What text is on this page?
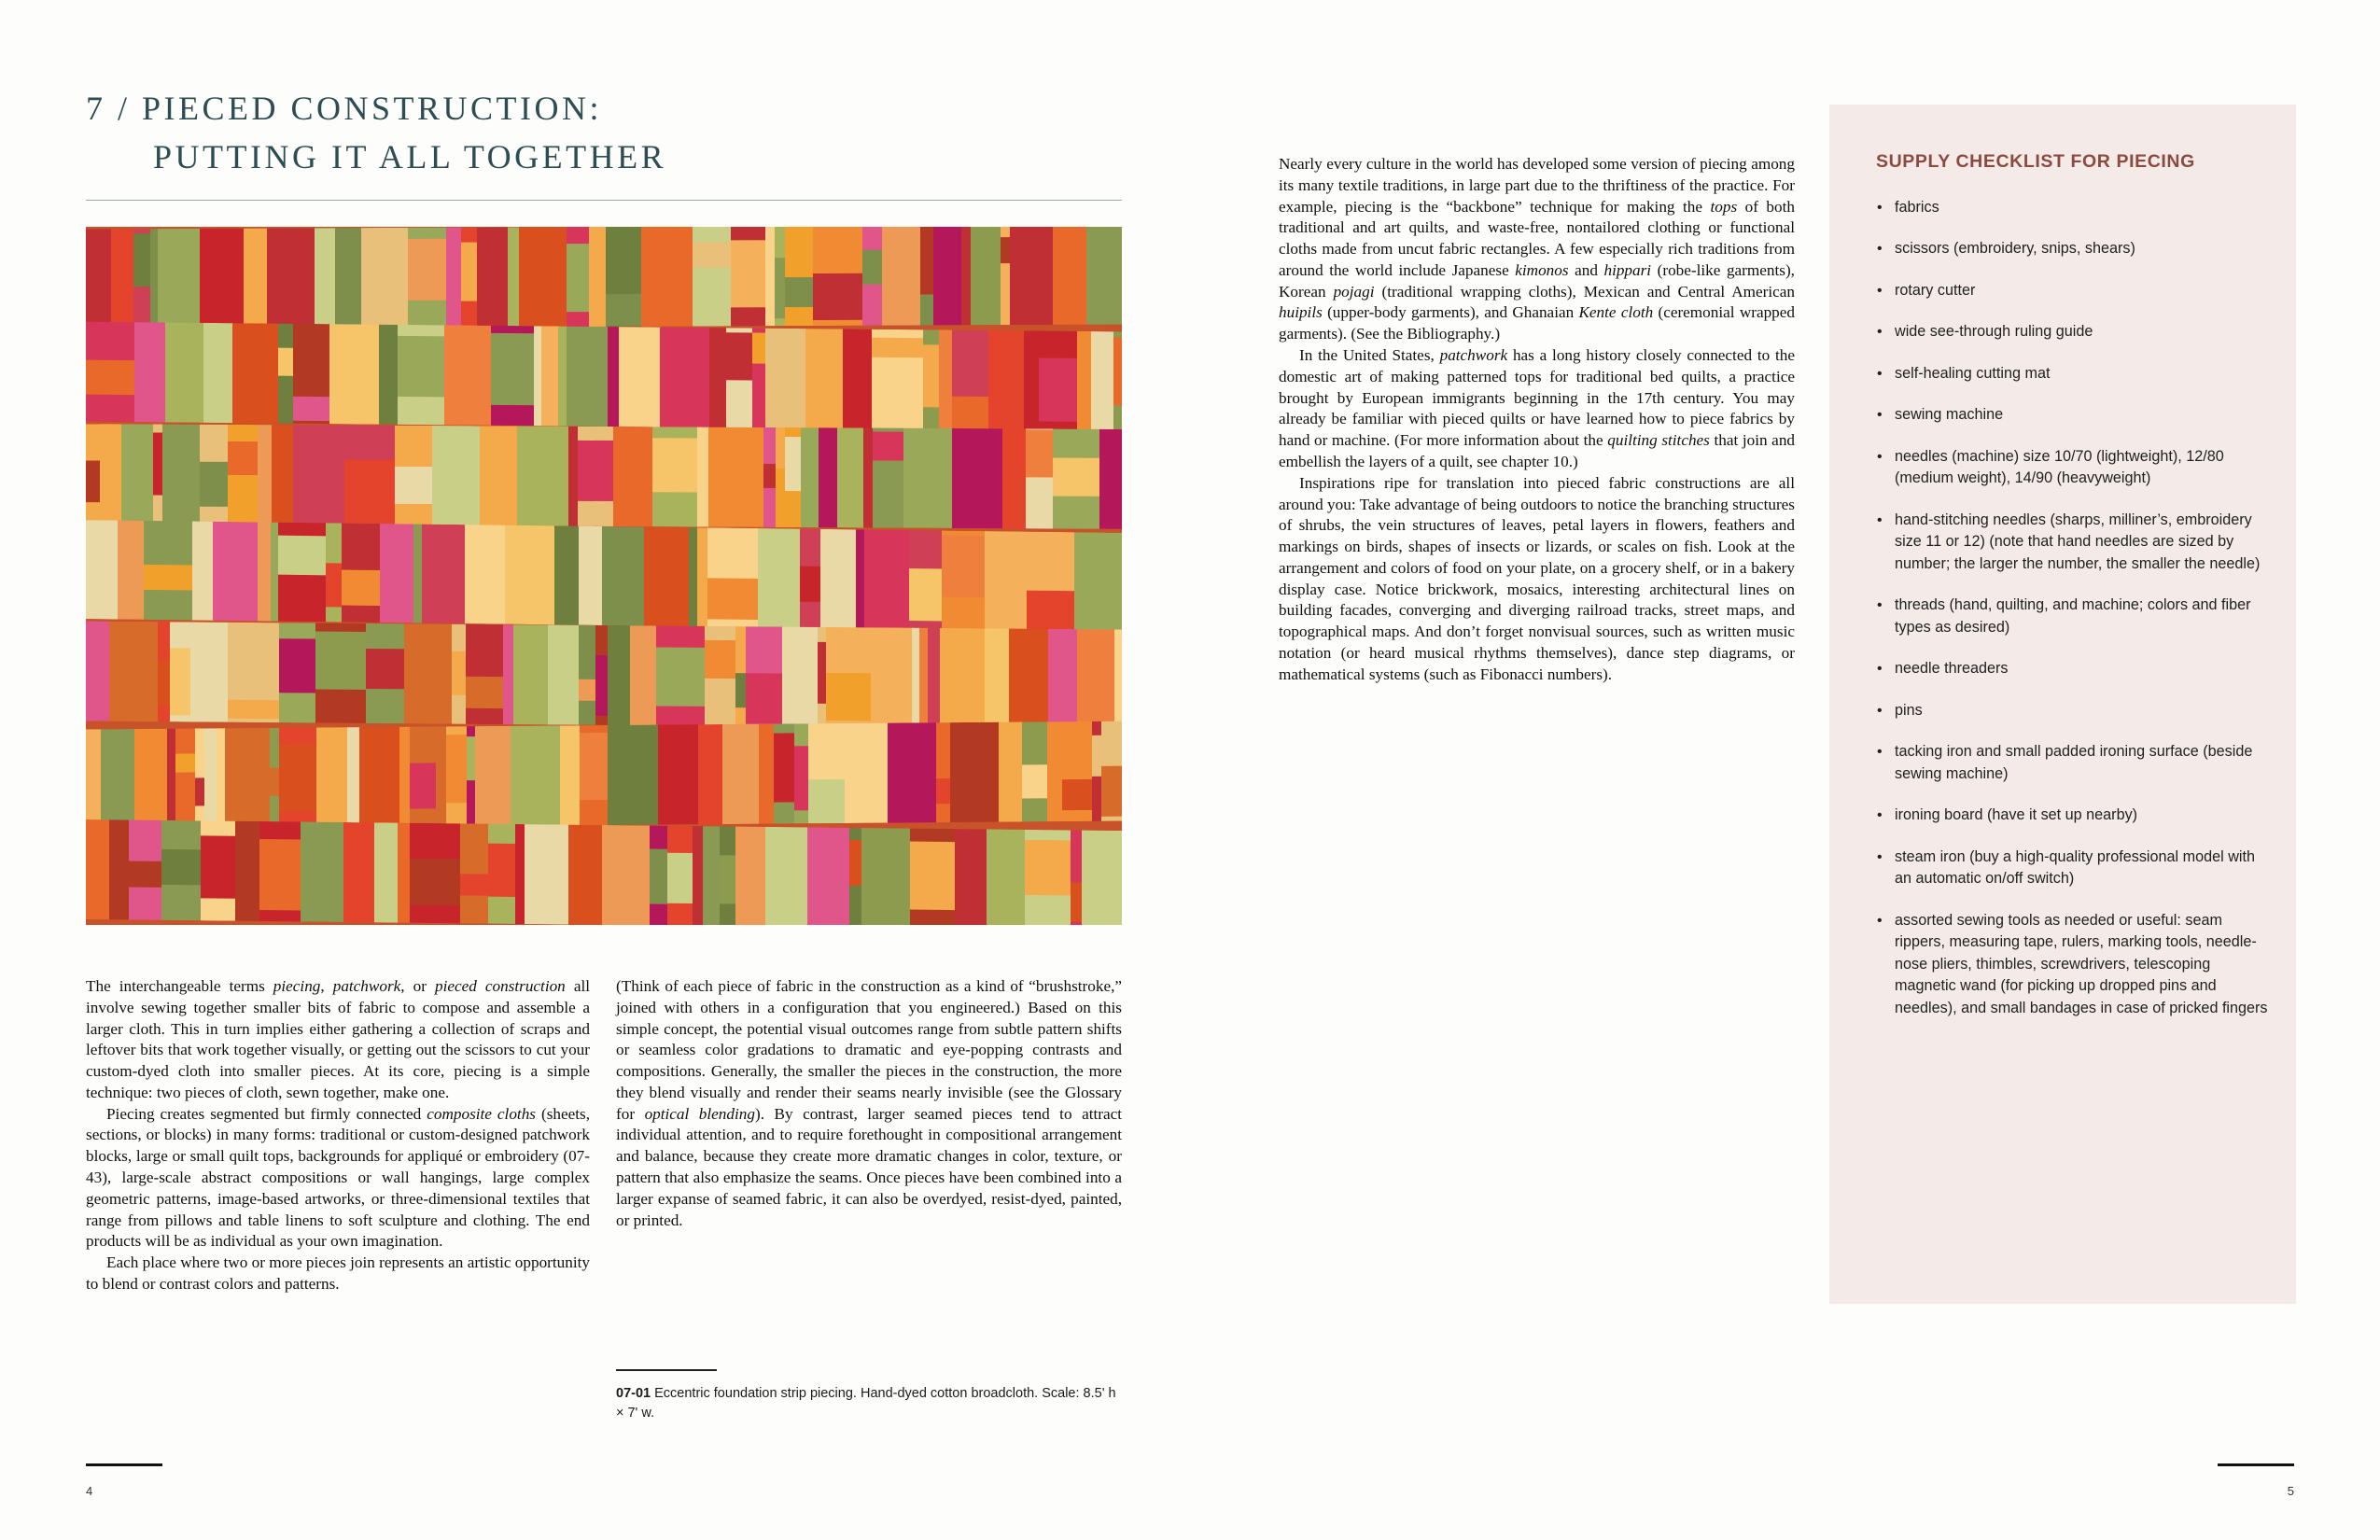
7 / PIECED CONSTRUCTION:
PUTTING IT ALL TOGETHER
07-01 Eccentric foundation strip piecing. Hand-dyed cotton broadcloth. Scale: 8.5' h × 7' w.

The interchangeable terms piecing, patchwork, or pieced construction all involve sewing together smaller bits of fabric to compose and assemble a larger cloth. This in turn implies either gathering a collection of scraps and leftover bits that work together visually, or getting out the scissors to cut your custom-dyed cloth into smaller pieces. At its core, piecing is a simple technique: two pieces of cloth, sewn together, make one.

Piecing creates segmented but firmly connected composite cloths (sheets, sections, or blocks) in many forms: traditional or custom-designed patchwork blocks, large or small quilt tops, backgrounds for appliqué or embroidery (07-43), large-scale abstract compositions or wall hangings, large complex geometric patterns, image-based artworks, or three-dimensional textiles that range from pillows and table linens to soft sculpture and clothing. The end products will be as individual as your own imagination.

Each place where two or more pieces join represents an artistic opportunity to blend or contrast colors and patterns.

(Think of each piece of fabric in the construction as a kind of “brushstroke,” joined with others in a configuration that you engineered.) Based on this simple concept, the potential visual outcomes range from subtle pattern shifts or seamless color gradations to dramatic and eye-popping contrasts and compositions. Generally, the smaller the pieces in the construction, the more they blend visually and render their seams nearly invisible (see the Glossary for optical blending). By contrast, larger seamed pieces tend to attract individual attention, and to require forethought in compositional arrangement and balance, because they create more dramatic changes in color, texture, or pattern that also emphasize the seams. Once pieces have been combined into a larger expanse of seamed fabric, it can also be overdyed, resist-dyed, painted, or printed.

4

Nearly every culture in the world has developed some version of piecing among its many textile traditions, in large part due to the thriftiness of the practice. For example, piecing is the “backbone” technique for making the tops of both traditional and art quilts, and waste-free, nontailored clothing or functional cloths made from uncut fabric rectangles. A few especially rich traditions from around the world include Japanese kimonos and hippari (robe-like garments), Korean pojagi (traditional wrapping cloths), Mexican and Central American huipils (upper-body garments), and Ghanaian Kente cloth (ceremonial wrapped garments). (See the Bibliography.)

In the United States, patchwork has a long history closely connected to the domestic art of making patterned tops for traditional bed quilts, a practice brought by European immigrants beginning in the 17th century. You may already be familiar with pieced quilts or have learned how to piece fabrics by hand or machine. (For more information about the quilting stitches that join and embellish the layers of a quilt, see chapter 10.)

Inspirations ripe for translation into pieced fabric constructions are all around you: Take advantage of being outdoors to notice the branching structures of shrubs, the vein structures of leaves, petal layers in flowers, feathers and markings on birds, shapes of insects or lizards, or scales on fish. Look at the arrangement and colors of food on your plate, on a grocery shelf, or in a bakery display case. Notice brickwork, mosaics, interesting architectural lines on building facades, converging and diverging railroad tracks, street maps, and topographical maps. And don’t forget nonvisual sources, such as written music notation (or heard musical rhythms themselves), dance step diagrams, or mathematical systems (such as Fibonacci numbers).

SUPPLY CHECKLIST FOR PIECING
• fabrics
• scissors (embroidery, snips, shears)
• rotary cutter
• wide see-through ruling guide
• self-healing cutting mat
• sewing machine
• needles (machine) size 10/70 (lightweight), 12/80 (medium weight), 14/90 (heavyweight)
• hand-stitching needles (sharps, milliner’s, embroidery size 11 or 12) (note that hand needles are sized by number; the larger the number, the smaller the needle)
• threads (hand, quilting, and machine; colors and fiber types as desired)
• needle threaders
• pins
• tacking iron and small padded ironing surface (beside sewing machine)
• ironing board (have it set up nearby)
• steam iron (buy a high-quality professional model with an automatic on/off switch)
• assorted sewing tools as needed or useful: seam rippers, measuring tape, rulers, marking tools, needle-nose pliers, thimbles, screwdrivers, telescoping magnetic wand (for picking up dropped pins and needles), and small bandages in case of pricked fingers
5
